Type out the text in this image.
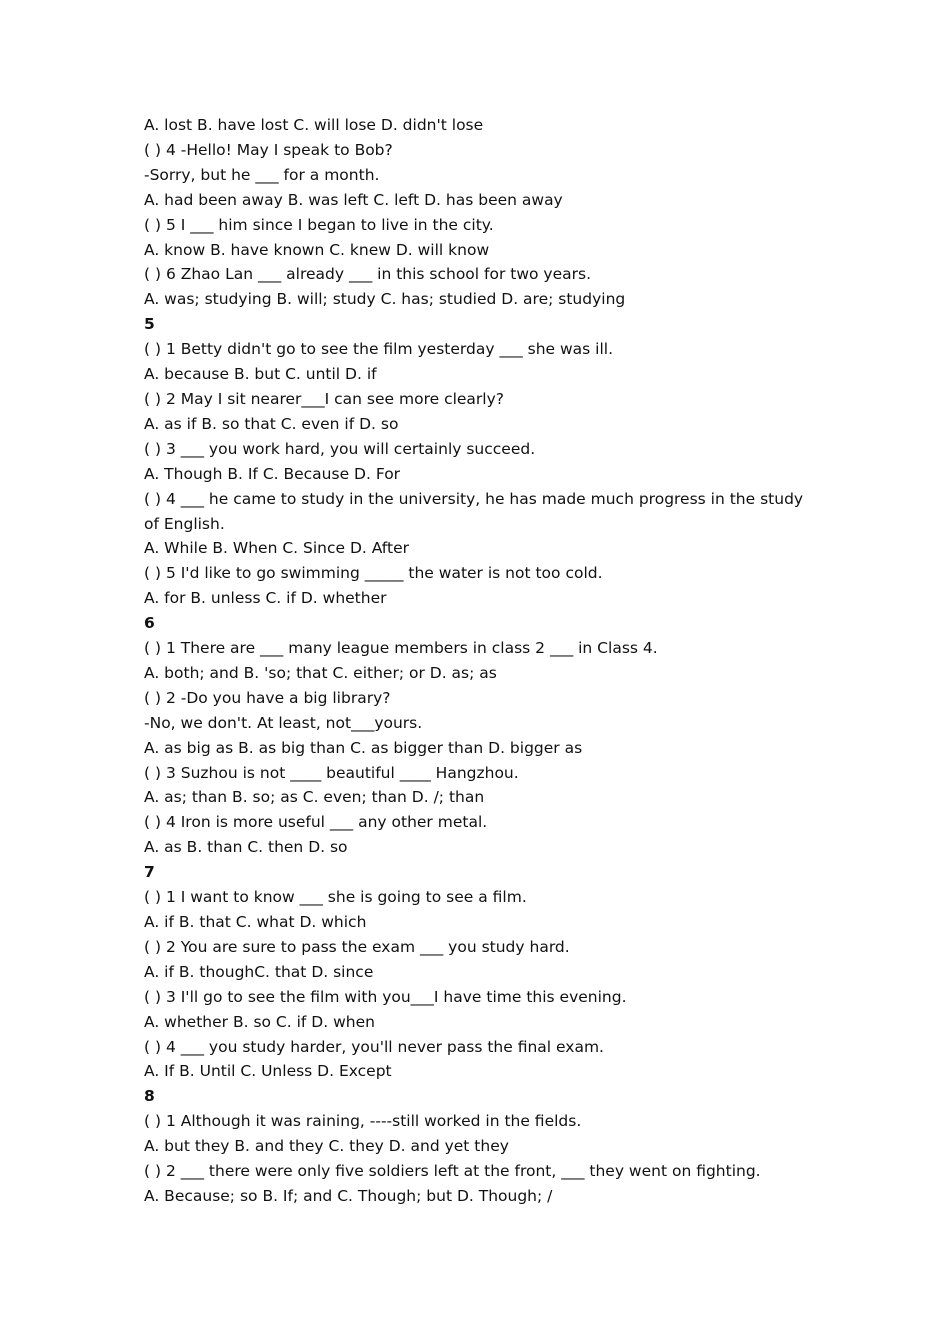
A. lost B. have lost C. will lose D. didn't lose
( ) 4 -Hello! May I speak to Bob?
-Sorry, but he ___ for a month.
A. had been away B. was left C. left D. has been away
( ) 5 I ___ him since I began to live in the city.
A. know B. have known C. knew D. will know
( ) 6 Zhao Lan ___ already ___ in this school for two years.
A. was; studying B. will; study C. has; studied D. are; studying
5
( ) 1 Betty didn't go to see the film yesterday ___ she was ill.
A. because B. but C. until D. if
( ) 2 May I sit nearer___I can see more clearly?
A. as if B. so that C. even if D. so
( ) 3 ___ you work hard, you will certainly succeed.
A. Though B. If C. Because D. For
( ) 4 ___ he came to study in the university, he has made much progress in the study of English.
A. While B. When C. Since D. After
( ) 5 I'd like to go swimming _____ the water is not too cold.
A. for B. unless C. if D. whether
6
( ) 1 There are ___ many league members in class 2 ___ in Class 4.
A. both; and B. 'so; that C. either; or D. as; as
( ) 2 -Do you have a big library?
-No, we don't. At least, not___yours.
A. as big as B. as big than C. as bigger than D. bigger as
( ) 3 Suzhou is not ____ beautiful ____ Hangzhou.
A. as; than B. so; as C. even; than D. /; than
( ) 4 Iron is more useful ___ any other metal.
A. as B. than C. then D. so
7
( ) 1 I want to know ___ she is going to see a film.
A. if B. that C. what D. which
( ) 2 You are sure to pass the exam ___ you study hard.
A. if B. thoughC. that D. since
( ) 3 I'll go to see the film with you___I have time this evening.
A. whether B. so C. if D. when
( ) 4 ___ you study harder, you'll never pass the final exam.
A. If B. Until C. Unless D. Except
8
( ) 1 Although it was raining, ----still worked in the fields.
A. but they B. and they C. they D. and yet they
( ) 2 ___ there were only five soldiers left at the front, ___ they went on fighting.
A. Because; so B. If; and C. Though; but D. Though; /
